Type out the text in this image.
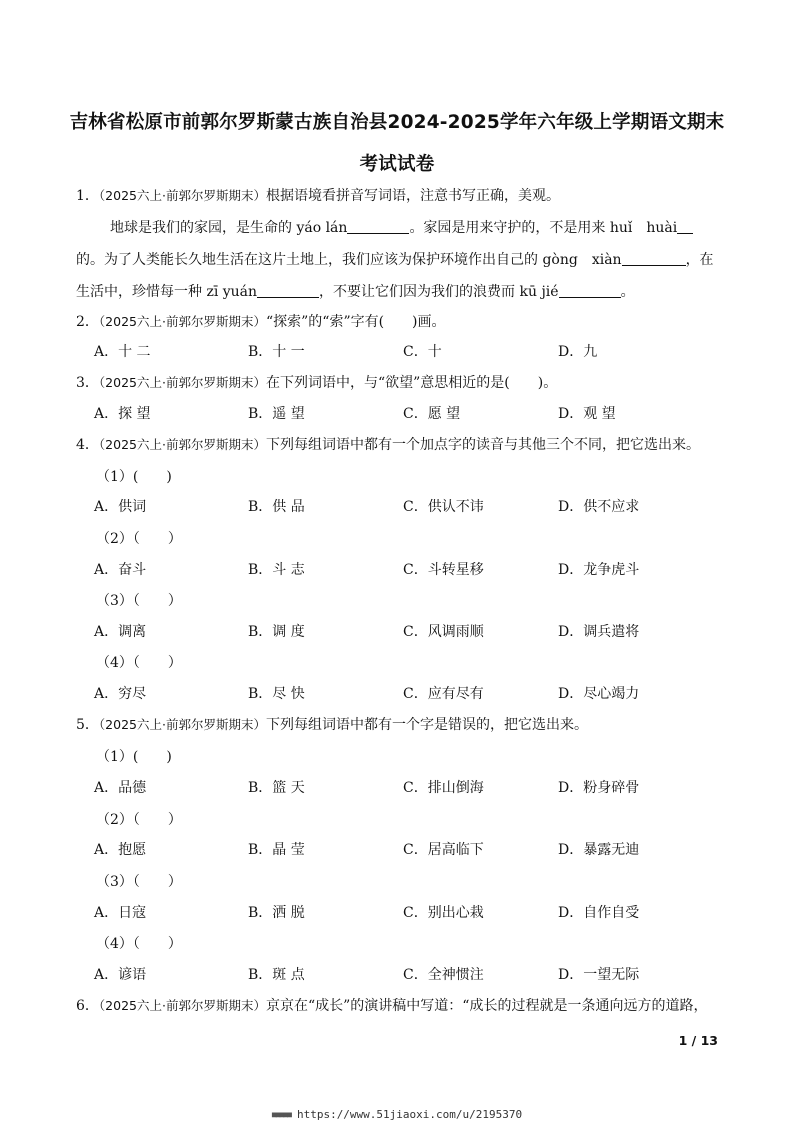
吉林省松原市前郭尔罗斯蒙古族自治县2024-2025学年六年级上学期语文期末
考试试卷
1．（2025六上·前郭尔罗斯期末）根据语境看拼音写词语，注意书写正确，美观。
地球是我们的家园，是生命的 yáo lán	。家园是用来守护的，不是用来 huǐ　huài
的。为了人类能长久地生活在这片土地上，我们应该为保护环境作出自己的 gòng　xiàn	，在
生活中，珍惜每一种 zī yuán	，不要让它们因为我们的浪费而 kū jié	。
2．（2025六上·前郭尔罗斯期末）“探索”的“索”字有(　　)画。
A．十 二	B．十 一	C．十	D．九
3．（2025六上·前郭尔罗斯期末）在下列词语中，与“欲望”意思相近的是(　　)。
A．探 望	B．遥 望	C．愿 望	D．观 望
4．（2025六上·前郭尔罗斯期末）下列每组词语中都有一个加点字的读音与其他三个不同，把它选出来。
（1）(　　)
A．供词	B．供 品	C．供认不讳	D．供不应求
（2）（　　）
A．奋斗	B．斗 志	C．斗转星移	D．龙争虎斗
（3）（　　）
A．调离	B．调 度	C．风调雨顺	D．调兵遣将
（4）（　　）
A．穷尽	B．尽 快	C．应有尽有	D．尽心竭力
5．（2025六上·前郭尔罗斯期末）下列每组词语中都有一个字是错误的，把它选出来。
（1）(　　)
A．品德	B．篮 天	C．排山倒海	D．粉身碎骨
（2）（　　）
A．抱愿	B．晶 莹	C．居高临下	D．暴露无迪
（3）（　　）
A．日寇	B．洒 脱	C．别出心栽	D．自作自受
（4）（　　）
A．谚语	B．斑 点	C．全神惯注	D．一望无际
6．（2025六上·前郭尔罗斯期末）京京在“成长”的演讲稿中写道：“成长的过程就是一条通向远方的道路，
1 / 13
■■■■■ https://www.51jiaoxi.com/u/2195370
